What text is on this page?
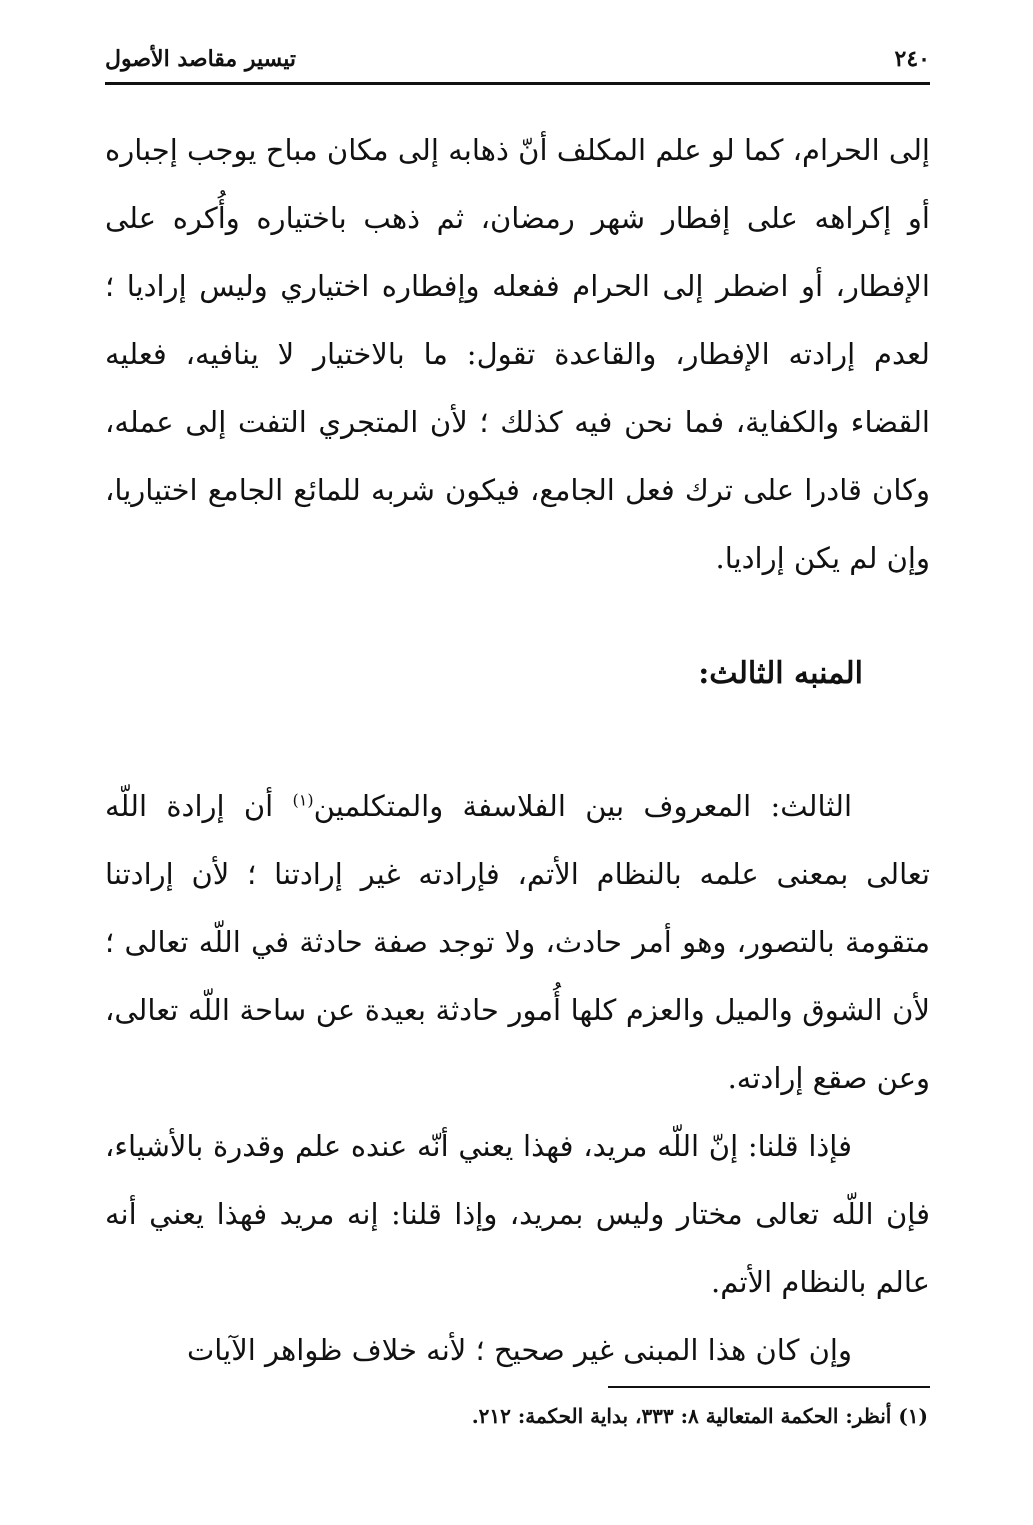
تيسير مقاصد الأصول	٢٤٠

إلى الحرام، كما لو علم المكلف أنّ ذهابه إلى مكان مباح يوجب إجباره أو إكراهه على إفطار شهر رمضان، ثم ذهب باختياره وأُكره على الإفطار، أو اضطر إلى الحرام ففعله وإفطاره اختياري وليس إراديا ؛ لعدم إرادته الإفطار، والقاعدة تقول: ما بالاختيار لا ينافيه، فعليه القضاء والكفاية، فما نحن فيه كذلك ؛ لأن المتجري التفت إلى عمله، وكان قادرا على ترك فعل الجامع، فيكون شربه للمائع الجامع اختياريا، وإن لم يكن إراديا.

المنبه الثالث:

الثالث: المعروف بين الفلاسفة والمتكلمين$^{(١)}$ أن إرادة اللّه تعالى بمعنى علمه بالنظام الأتم، فإرادته غير إرادتنا ؛ لأن إرادتنا متقومة بالتصور، وهو أمر حادث، ولا توجد صفة حادثة في اللّه تعالى ؛ لأن الشوق والميل والعزم كلها أُمور حادثة بعيدة عن ساحة اللّه تعالى، وعن صقع إرادته.

فإذا قلنا: إنّ اللّه مريد، فهذا يعني أنّه عنده علم وقدرة بالأشياء، فإن اللّه تعالى مختار وليس بمريد، وإذا قلنا: إنه مريد فهذا يعني أنه عالم بالنظام الأتم.

وإن كان هذا المبنى غير صحيح ؛ لأنه خلاف ظواهر الآيات

(١) أنظر: الحكمة المتعالية ٨: ٣٣٣، بداية الحكمة: ٢١٢.
